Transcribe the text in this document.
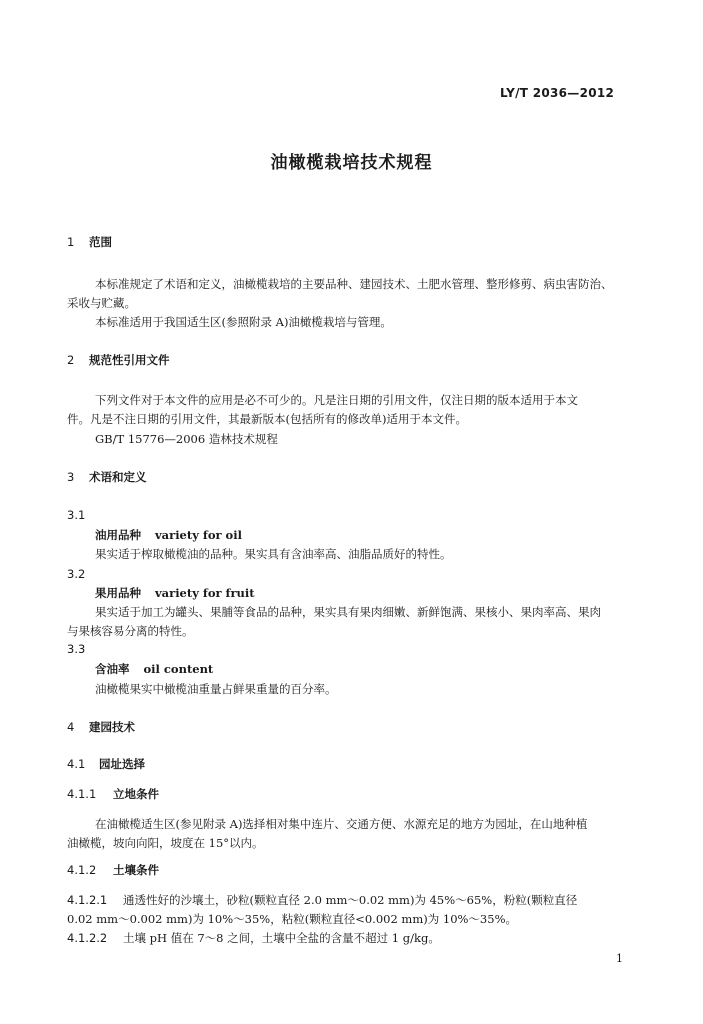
LY/T 2036—2012
油橄榄栽培技术规程
1 范围
本标准规定了术语和定义，油橄榄栽培的主要品种、建园技术、土肥水管理、整形修剪、病虫害防治、
采收与贮藏。
本标准适用于我国适生区(参照附录 A)油橄榄栽培与管理。
2 规范性引用文件
下列文件对于本文件的应用是必不可少的。凡是注日期的引用文件，仅注日期的版本适用于本文
件。凡是不注日期的引用文件，其最新版本(包括所有的修改单)适用于本文件。
GB/T 15776—2006 造林技术规程
3 术语和定义
3.1
油用品种 variety for oil
果实适于榨取橄榄油的品种。果实具有含油率高、油脂品质好的特性。
3.2
果用品种 variety for fruit
果实适于加工为罐头、果脯等食品的品种，果实具有果肉细嫩、新鲜饱满、果核小、果肉率高、果肉
与果核容易分离的特性。
3.3
含油率 oil content
油橄榄果实中橄榄油重量占鲜果重量的百分率。
4 建园技术
4.1 园址选择
4.1.1 立地条件
在油橄榄适生区(参见附录 A)选择相对集中连片、交通方便、水源充足的地方为园址，在山地种植
油橄榄，坡向向阳，坡度在 15°以内。
4.1.2 土壤条件
4.1.2.1 通透性好的沙壤土，砂粒(颗粒直径 2.0 mm～0.02 mm)为 45%～65%，粉粒(颗粒直径
0.02 mm～0.002 mm)为 10%～35%，粘粒(颗粒直径<0.002 mm)为 10%～35%。
4.1.2.2 土壤 pH 值在 7～8 之间，土壤中全盐的含量不超过 1 g/kg。
1
